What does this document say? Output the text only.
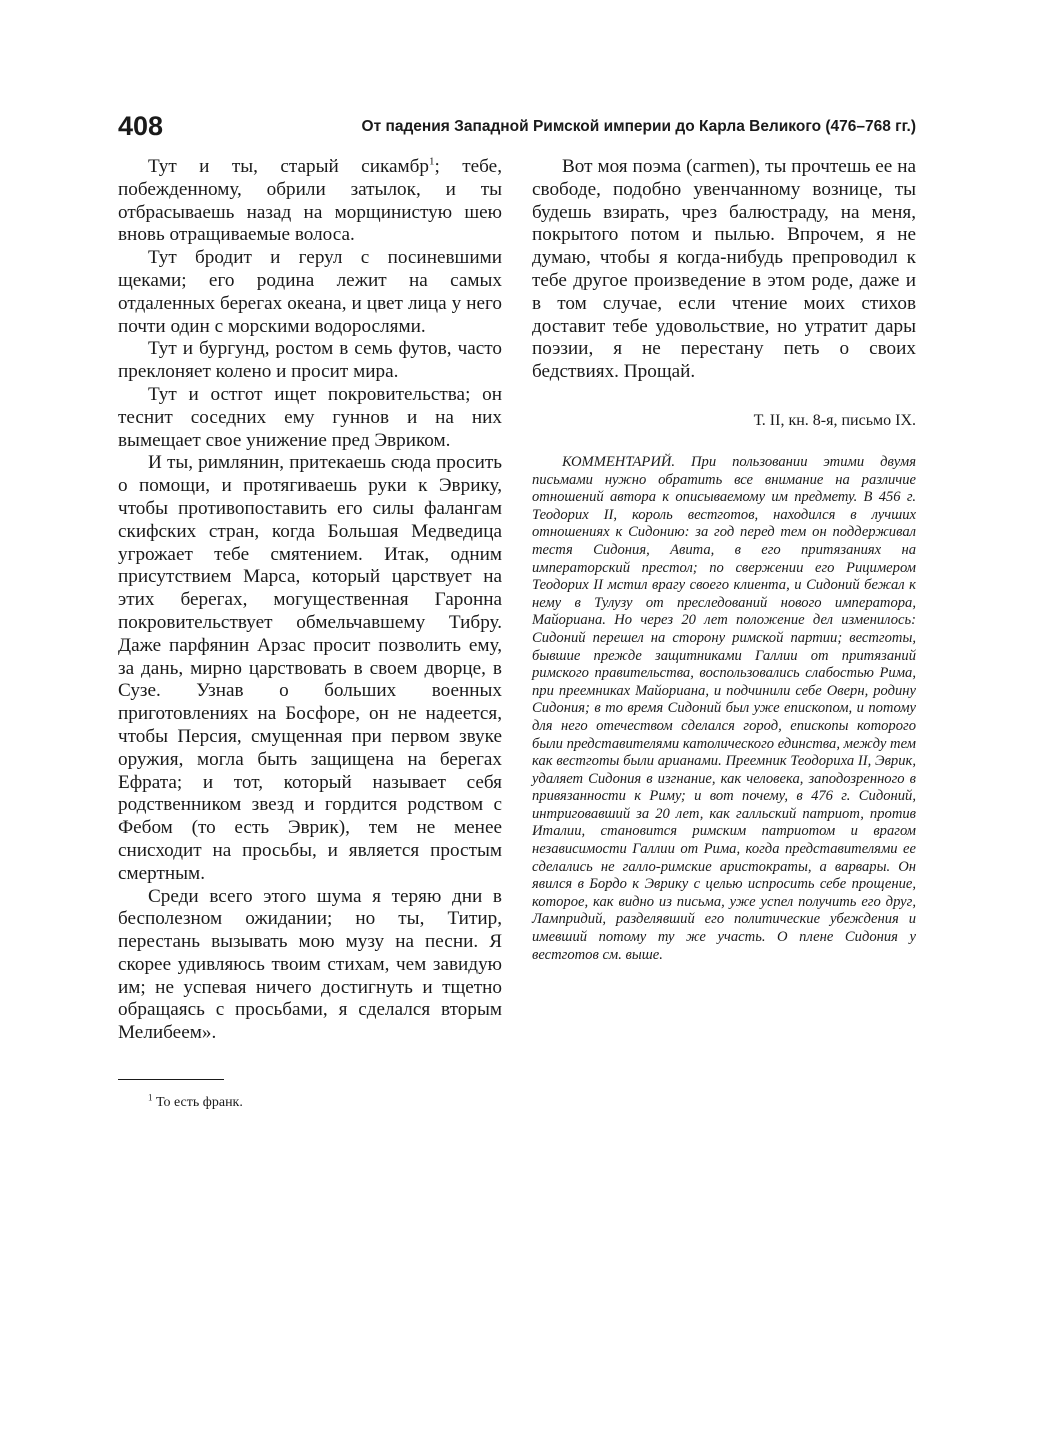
408	От падения Западной Римской империи до Карла Великого (476–768 гг.)

Тут и ты, старый сикамбр$^1$; тебе, побежденному, обрили затылок, и ты отбрасываешь назад на морщинистую шею вновь отращиваемые волоса.

Тут бродит и герул с посиневшими щеками; его родина лежит на самых отдаленных берегах океана, и цвет лица у него почти один с морскими водорослями.

Тут и бургунд, ростом в семь футов, часто преклоняет колено и просит мира.

Тут и остгот ищет покровительства; он теснит соседних ему гуннов и на них вымещает свое унижение пред Эвриком.

И ты, римлянин, притекаешь сюда просить о помощи, и протягиваешь руки к Эврику, чтобы противопоставить его силы фалангам скифских стран, когда Большая Медведица угрожает тебе смятением. Итак, одним присутствием Марса, который царствует на этих берегах, могущественная Гаронна покровительствует обмельчавшему Тибру. Даже парфянин Арзас просит позволить ему, за дань, мирно царствовать в своем дворце, в Сузе. Узнав о больших военных приготовлениях на Босфоре, он не надеется, чтобы Персия, смущенная при первом звуке оружия, могла быть защищена на берегах Ефрата; и тот, который называет себя родственником звезд и гордится родством с Фебом (то есть Эврик), тем не менее снисходит на просьбы, и является простым смертным.

Среди всего этого шума я теряю дни в бесполезном ожидании; но ты, Титир, перестань вызывать мою музу на песни. Я скорее удивляюсь твоим стихам, чем завидую им; не успевая ничего достигнуть и тщетно обращаясь с просьбами, я сделался вторым Мелибеем».

$^1$ То есть франк.

Вот моя поэма (carmen), ты прочтешь ее на свободе, подобно увенчанному вознице, ты будешь взирать, чрез балюстраду, на меня, покрытого потом и пылью. Впрочем, я не думаю, чтобы я когда-нибудь препроводил к тебе другое произведение в этом роде, даже и в том случае, если чтение моих стихов доставит тебе удовольствие, но утратит дары поэзии, я не перестану петь о своих бедствиях. Прощай.

Т. II, кн. 8-я, письмо IX.

КОММЕНТАРИЙ. При пользовании этими двумя письмами нужно обратить все внимание на различие отношений автора к описываемому им предмету. В 456 г. Теодорих II, король вестготов, находился в лучших отношениях к Сидонию: за год перед тем он поддерживал тестя Сидония, Авита, в его притязаниях на императорский престол; по свержении его Рицимером Теодорих II мстил врагу своего клиента, и Сидоний бежал к нему в Тулузу от преследований нового императора, Майориана. Но через 20 лет положение дел изменилось: Сидоний перешел на сторону римской партии; вестготы, бывшие прежде защитниками Галлии от притязаний римского правительства, воспользовались слабостью Рима, при преемниках Майориана, и подчинили себе Оверн, родину Сидония; в то время Сидоний был уже епископом, и потому для него отечеством сделался город, епископы которого были представителями католического единства, между тем как вестготы были арианами. Преемник Теодориха II, Эврик, удаляет Сидония в изгнание, как человека, заподозренного в привязанности к Риму; и вот почему, в 476 г. Сидоний, интриговавший за 20 лет, как галльский патриот, против Италии, становится римским патриотом и врагом независимости Галлии от Рима, когда представителями ее сделались не галло-римские аристократы, а варвары. Он явился в Бордо к Эврику с целью испросить себе прощение, которое, как видно из письма, уже успел получить его друг, Лампридий, разделявший его политические убеждения и имевший потому ту же участь. О плене Сидония у вестготов см. выше.
